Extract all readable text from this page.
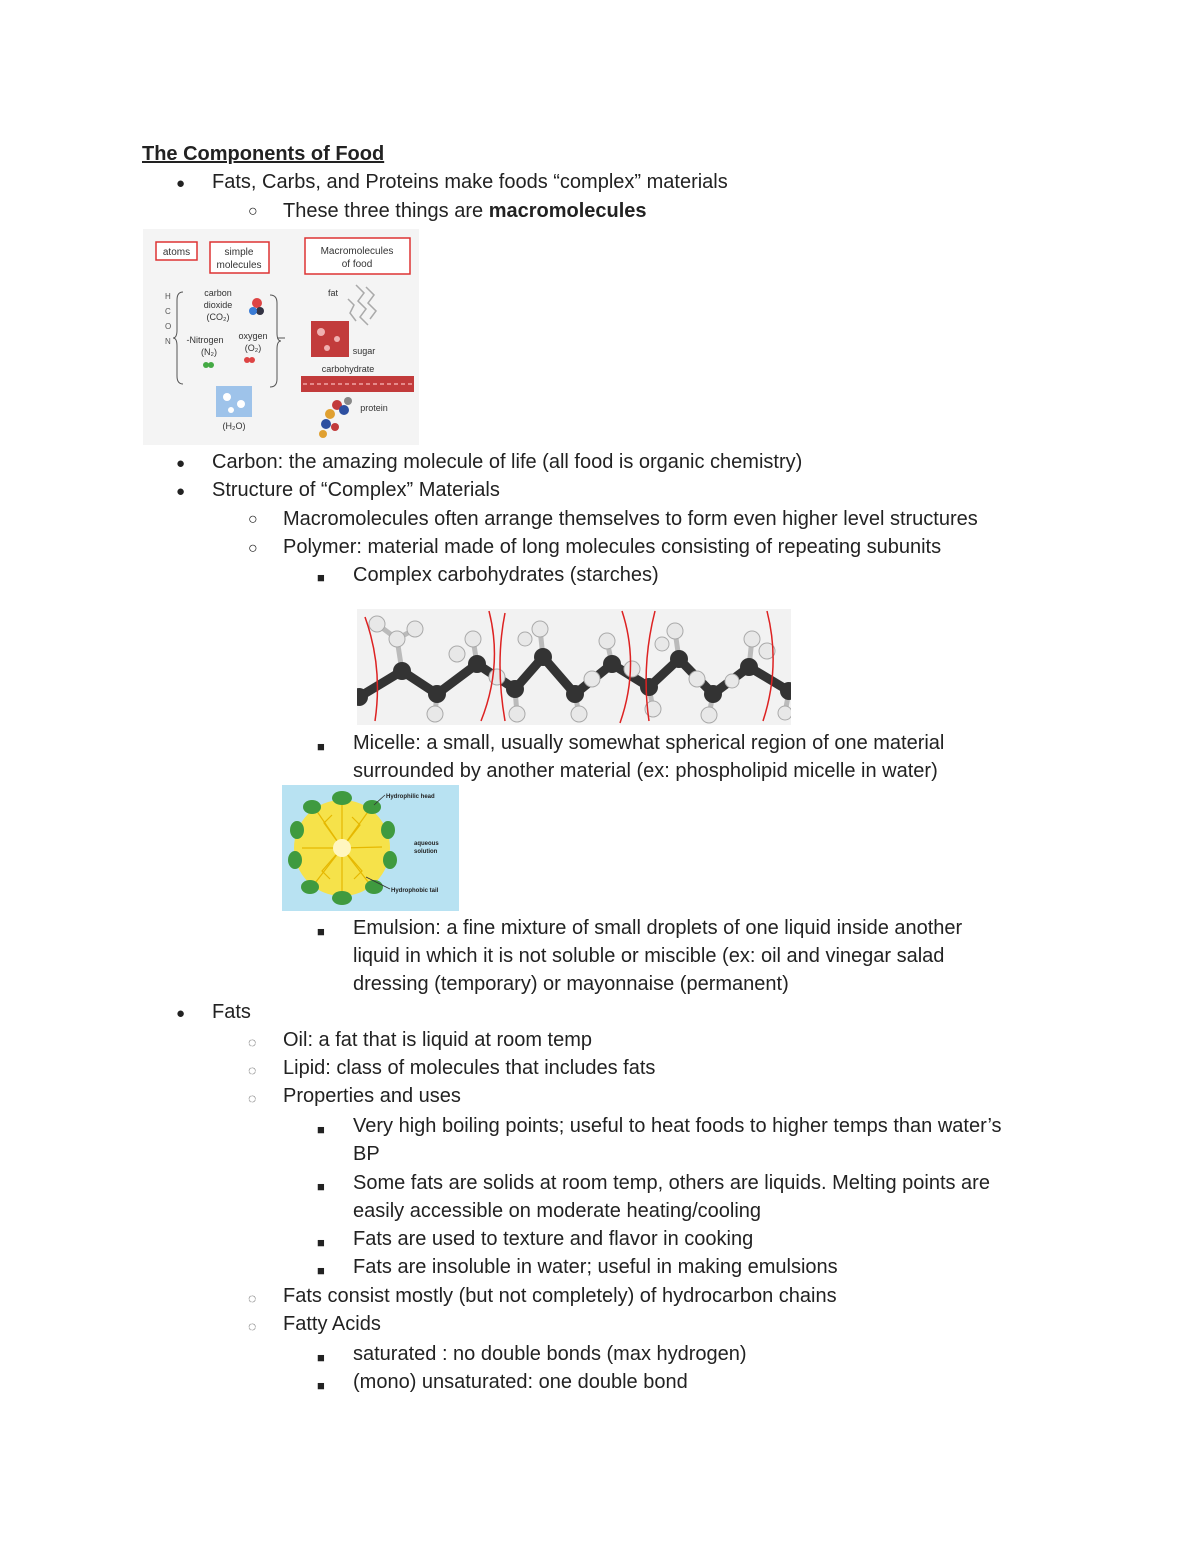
The Components of Food
● Fats, Carbs, and Proteins make foods “complex” materials
○ These three things are macromolecules
atoms	simple
molecules
Macromolecules
of food
H
C
O
N
carbon
dioxide
(CO₂)
-Nitrogen
(N₂)
oxygen
(O₂)
(H₂O)
fat
sugar
carbohydrate
protein
● Carbon: the amazing molecule of life (all food is organic chemistry)
● Structure of “Complex” Materials
○ Macromolecules often arrange themselves to form even higher level structures
○ Polymer: material made of long molecules consisting of repeating subunits
■ Complex carbohydrates (starches)
■ Micelle: a small, usually somewhat spherical region of one material
surrounded by another material (ex: phospholipid micelle in water)
Hydrophilic head
aqueous
solution
Hydrophobic tail
■ Emulsion: a fine mixture of small droplets of one liquid inside another
liquid in which it is not soluble or miscible (ex: oil and vinegar salad
dressing (temporary) or mayonnaise (permanent)
● Fats
◌ Oil: a fat that is liquid at room temp
◌ Lipid: class of molecules that includes fats
◌ Properties and uses
■ Very high boiling points; useful to heat foods to higher temps than water’s
BP
■ Some fats are solids at room temp, others are liquids. Melting points are
easily accessible on moderate heating/cooling
■ Fats are used to texture and flavor in cooking
■ Fats are insoluble in water; useful in making emulsions
◌ Fats consist mostly (but not completely) of hydrocarbon chains
◌ Fatty Acids
■ saturated : no double bonds (max hydrogen)
■ (mono) unsaturated: one double bond
